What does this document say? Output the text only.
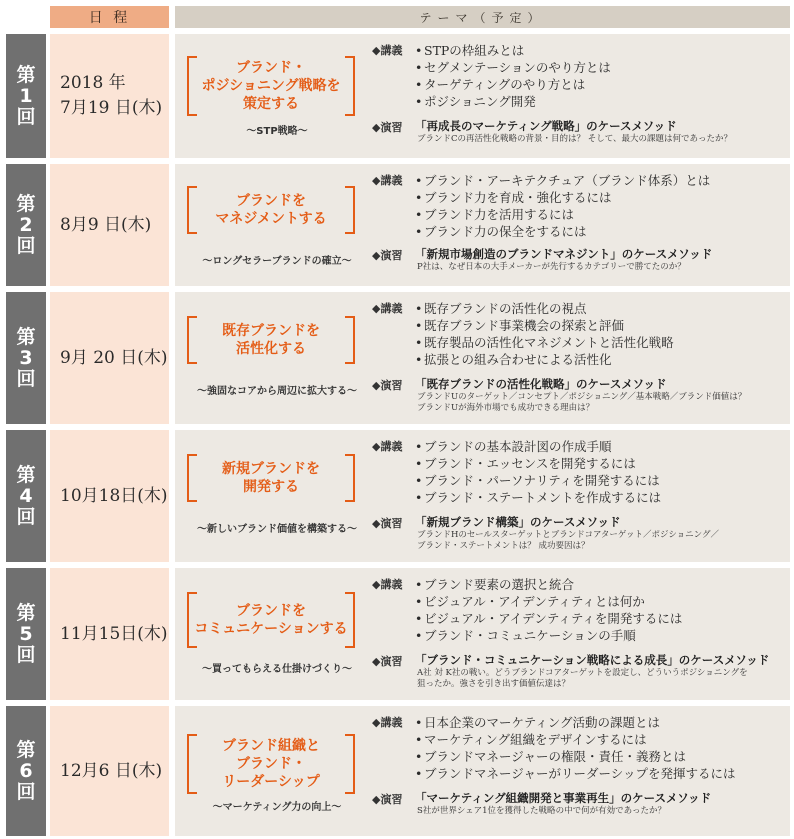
日 程	テーマ（予定）
第
1
回
2018 年
7月19 日(木)
ブランド・
ポジショニング戦略を
策定する
〜STP戦略〜
◆講義 • STPの枠組みとは
• セグメンテーションのやり方とは
• ターゲティングのやり方とは
• ポジショニング開発
◆演習 「再成長のマーケティング戦略」のケースメソッド
ブランドCの再活性化戦略の背景・目的は？ そして、最大の課題は何であったか？
第
2
回
8月9 日(木)
ブランドを
マネジメントする
〜ロングセラーブランドの確立〜
◆講義 • ブランド・アーキテクチュア（ブランド体系）とは
• ブランド力を育成・強化するには
• ブランド力を活用するには
• ブランド力の保全をするには
◆演習 「新規市場創造のブランドマネジント」のケースメソッド
P社は、なぜ日本の大手メーカーが先行するカテゴリーで勝てたのか？
第
3
回
9月 20 日(木)
既存ブランドを
活性化する
〜強固なコアから周辺に拡大する〜
◆講義 • 既存ブランドの活性化の視点
• 既存ブランド事業機会の探索と評価
• 既存製品の活性化マネジメントと活性化戦略
• 拡張との組み合わせによる活性化
◆演習 「既存ブランドの活性化戦略」のケースメソッド
ブランドUのターゲット／コンセプト／ポジショニング／基本戦略／ブランド価値は？
ブランドUが海外市場でも成功できる理由は？
第
4
回
10月18日(木)
新規ブランドを
開発する
〜新しいブランド価値を構築する〜
◆講義 • ブランドの基本設計図の作成手順
• ブランド・エッセンスを開発するには
• ブランド・パーソナリティを開発するには
• ブランド・ステートメントを作成するには
◆演習 「新規ブランド構築」のケースメソッド
ブランドHのセールスターゲットとブランドコアターゲット／ポジショニング／
ブランド・ステートメントは？ 成功要因は？
第
5
回
11月15日(木)
ブランドを
コミュニケーションする
〜買ってもらえる仕掛けづくり〜
◆講義 • ブランド要素の選択と統合
• ビジュアル・アイデンティティとは何か
• ビジュアル・アイデンティティを開発するには
• ブランド・コミュニケーションの手順
◆演習 「ブランド・コミュニケーション戦略による成長」のケースメソッド
A社 対 K社の戦い。どうブランドコアターゲットを設定し、どういうポジショニングを
狙ったか。強さを引き出す価値伝達は？
第
6
回
12月6 日(木)
ブランド組織と
ブランド・
リーダーシップ
〜マーケティング力の向上〜
◆講義 • 日本企業のマーケティング活動の課題とは
• マーケティング組織をデザインするには
• ブランドマネージャーの権限・責任・義務とは
• ブランドマネージャーがリーダーシップを発揮するには
◆演習 「マーケティング組織開発と事業再生」のケースメソッド
S社が世界シェア1位を獲得した戦略の中で何が有効であったか？
